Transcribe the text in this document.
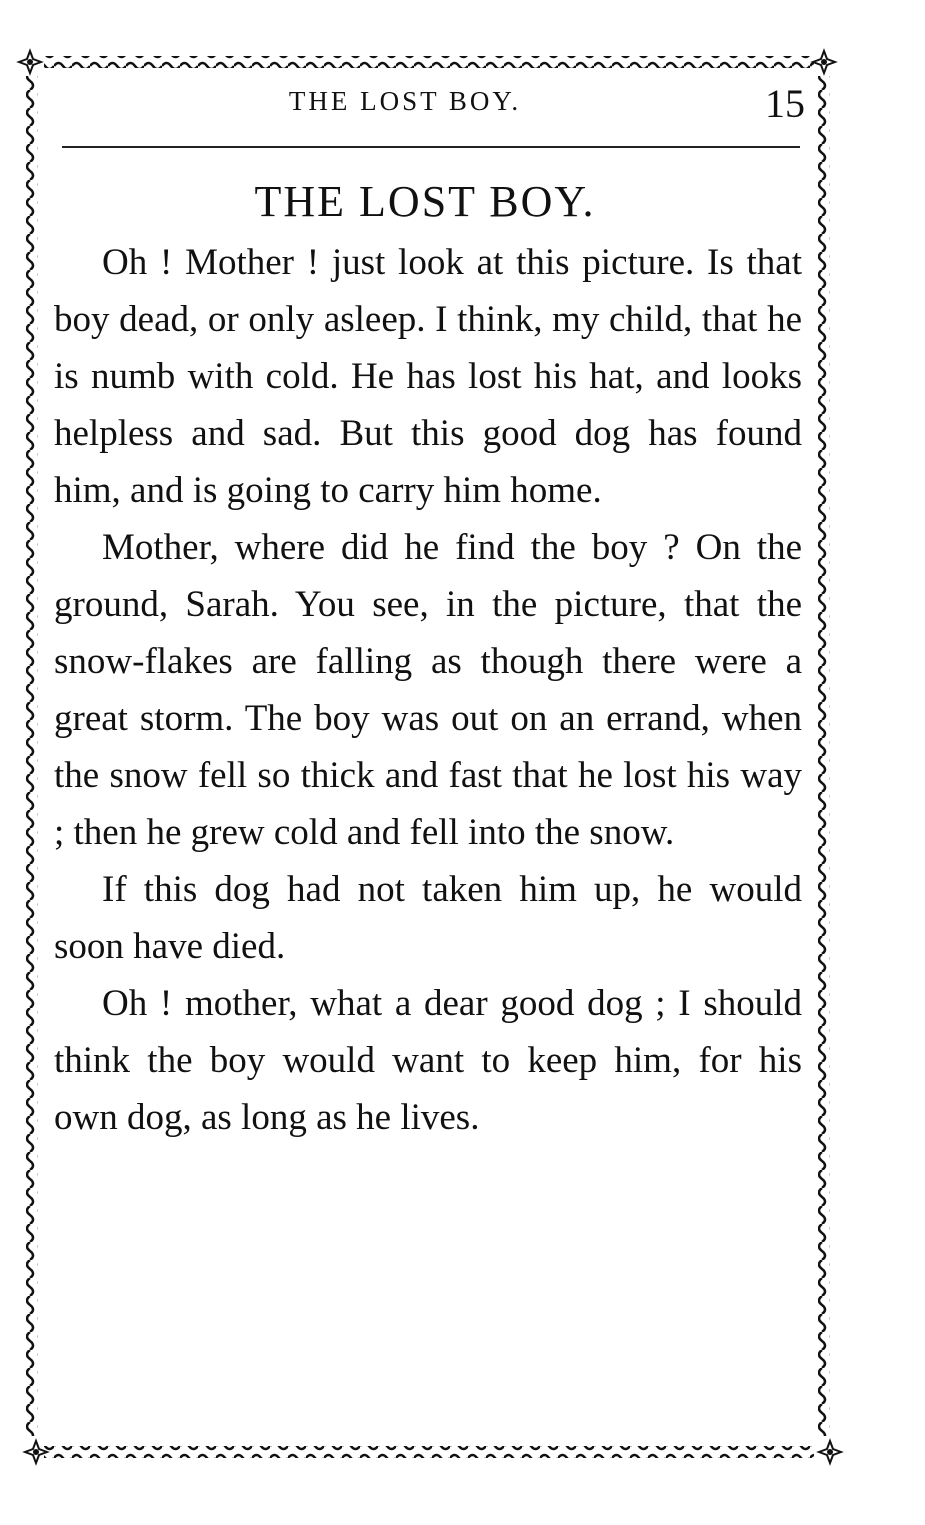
THE LOST BOY.	15
THE LOST BOY.

Oh ! Mother ! just look at this picture. Is that boy dead, or only asleep. I think, my child, that he is numb with cold. He has lost his hat, and looks helpless and sad. But this good dog has found him, and is going to carry him home.

Mother, where did he find the boy ? On the ground, Sarah. You see, in the picture, that the snow-flakes are falling as though there were a great storm. The boy was out on an errand, when the snow fell so thick and fast that he lost his way ; then he grew cold and fell into the snow.

If this dog had not taken him up, he would soon have died.

Oh ! mother, what a dear good dog ; I should think the boy would want to keep him, for his own dog, as long as he lives.
